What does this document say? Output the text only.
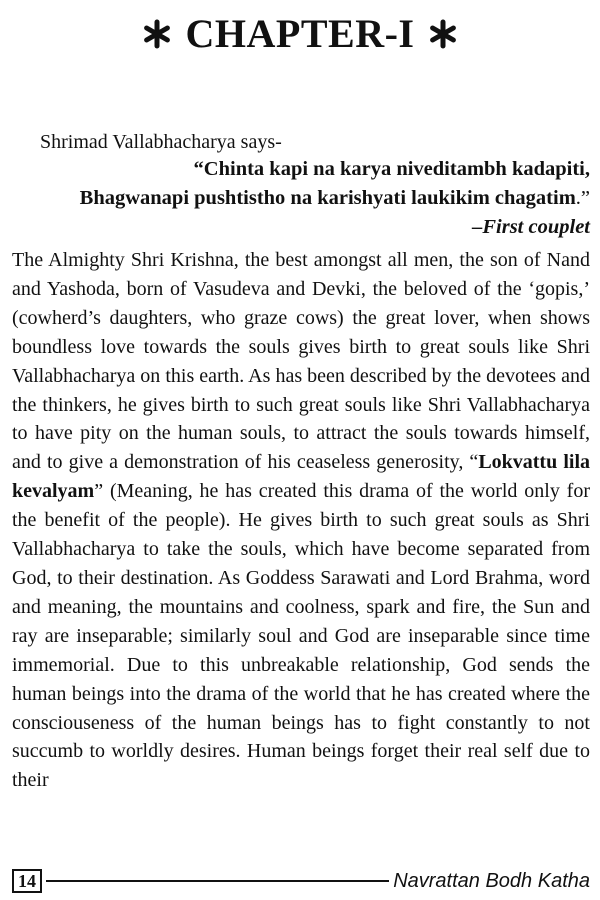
CHAPTER-I
Shrimad Vallabhacharya says-
“Chinta kapi na karya niveditambh kadapiti,
Bhagwanapi pushtistho na karishyati laukikim chagatim.”
–First couplet
The Almighty Shri Krishna, the best amongst all men, the son of Nand and Yashoda, born of Vasudeva and Devki, the beloved of the ‘gopis,’ (cowherd’s daughters, who graze cows) the great lover, when shows boundless love towards the souls gives birth to great souls like Shri Vallabhacharya on this earth. As has been described by the devotees and the thinkers, he gives birth to such great souls like Shri Vallabhacharya to have pity on the human souls, to attract the souls towards himself, and to give a demonstration of his ceaseless generosity, “Lokvattu lila kevalyam” (Meaning, he has created this drama of the world only for the benefit of the people). He gives birth to such great souls as Shri Vallabhacharya to take the souls, which have become separated from God, to their destination. As Goddess Sarawati and Lord Brahma, word and meaning, the mountains and coolness, spark and fire, the Sun and ray are inseparable; similarly soul and God are inseparable since time immemorial. Due to this unbreakable relationship, God sends the human beings into the drama of the world that he has created where the consciouseness of the human beings has to fight constantly to not succumb to worldly desires. Human beings forget their real self due to their
14	Navrattan Bodh Katha
